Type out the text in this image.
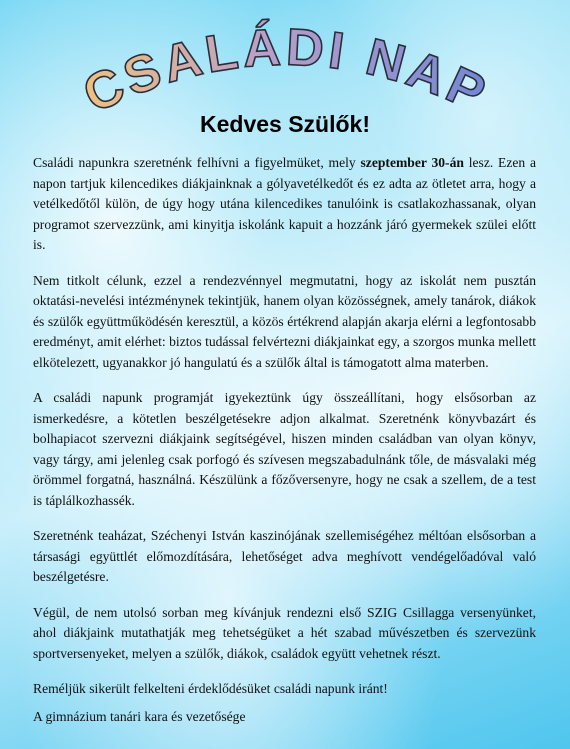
CSALÁDI NAP
Kedves Szülők!

Családi napunkra szeretnénk felhívni a figyelmüket, mely szeptember 30-án lesz. Ezen a napon tartjuk kilencedikes diákjainknak a gólyavetélkedőt és ez adta az ötletet arra, hogy a vetélkedőtől külön, de úgy hogy utána kilencedikes tanulóink is csatlakozhassanak, olyan programot szervezzünk, ami kinyitja iskolánk kapuit a hozzánk járó gyermekek szülei előtt is.

Nem titkolt célunk, ezzel a rendezvénnyel megmutatni, hogy az iskolát nem pusztán oktatási-nevelési intézménynek tekintjük, hanem olyan közösségnek, amely tanárok, diákok és szülők együttműködésén keresztül, a közös értékrend alapján akarja elérni a legfontosabb eredményt, amit elérhet: biztos tudással felvértezni diákjainkat egy, a szorgos munka mellett elkötelezett, ugyanakkor jó hangulatú és a szülők által is támogatott alma materben.

A családi napunk programját igyekeztünk úgy összeállítani, hogy elsősorban az ismerkedésre, a kötetlen beszélgetésekre adjon alkalmat. Szeretnénk könyvbazárt és bolhapiacot szervezni diákjaink segítségével, hiszen minden családban van olyan könyv, vagy tárgy, ami jelenleg csak porfogó és szívesen megszabadulnánk tőle, de másvalaki még örömmel forgatná, használná. Készülünk a főzőversenyre, hogy ne csak a szellem, de a test is táplálkozhassék.

Szeretnénk teaházat, Széchenyi István kaszinójának szellemiségéhez méltóan elsősorban a társasági együttlét előmozdítására, lehetőséget adva meghívott vendégelőadóval való beszélgetésre.

Végül, de nem utolsó sorban meg kívánjuk rendezni első SZIG Csillagga versenyünket, ahol diákjaink mutathatják meg tehetségüket a hét szabad művészetben és szervezünk sportversenyeket, melyen a szülők, diákok, családok együtt vehetnek részt.

Reméljük sikerült felkelteni érdeklődésüket családi napunk iránt!

A gimnázium tanári kara és vezetősége
